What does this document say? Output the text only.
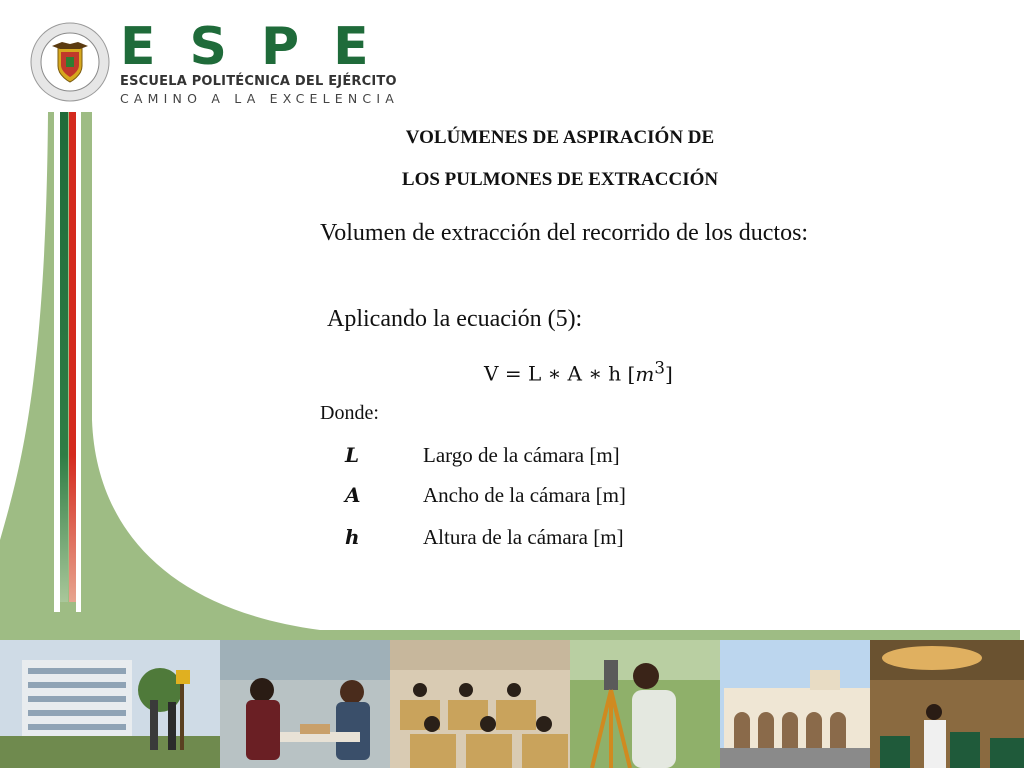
E S P E
ESCUELA POLITÉCNICA DEL EJÉRCITO
CAMINO A LA EXCELENCIA
VOLÚMENES DE ASPIRACIÓN DE
LOS PULMONES DE EXTRACCIÓN
Volumen de extracción del recorrido de los ductos:
Aplicando la ecuación (5):
V = L ∗ A ∗ h $[m^3]$
Donde:
L	Largo de la cámara [m]
A	Ancho de la cámara [m]
h	Altura de la cámara [m]
